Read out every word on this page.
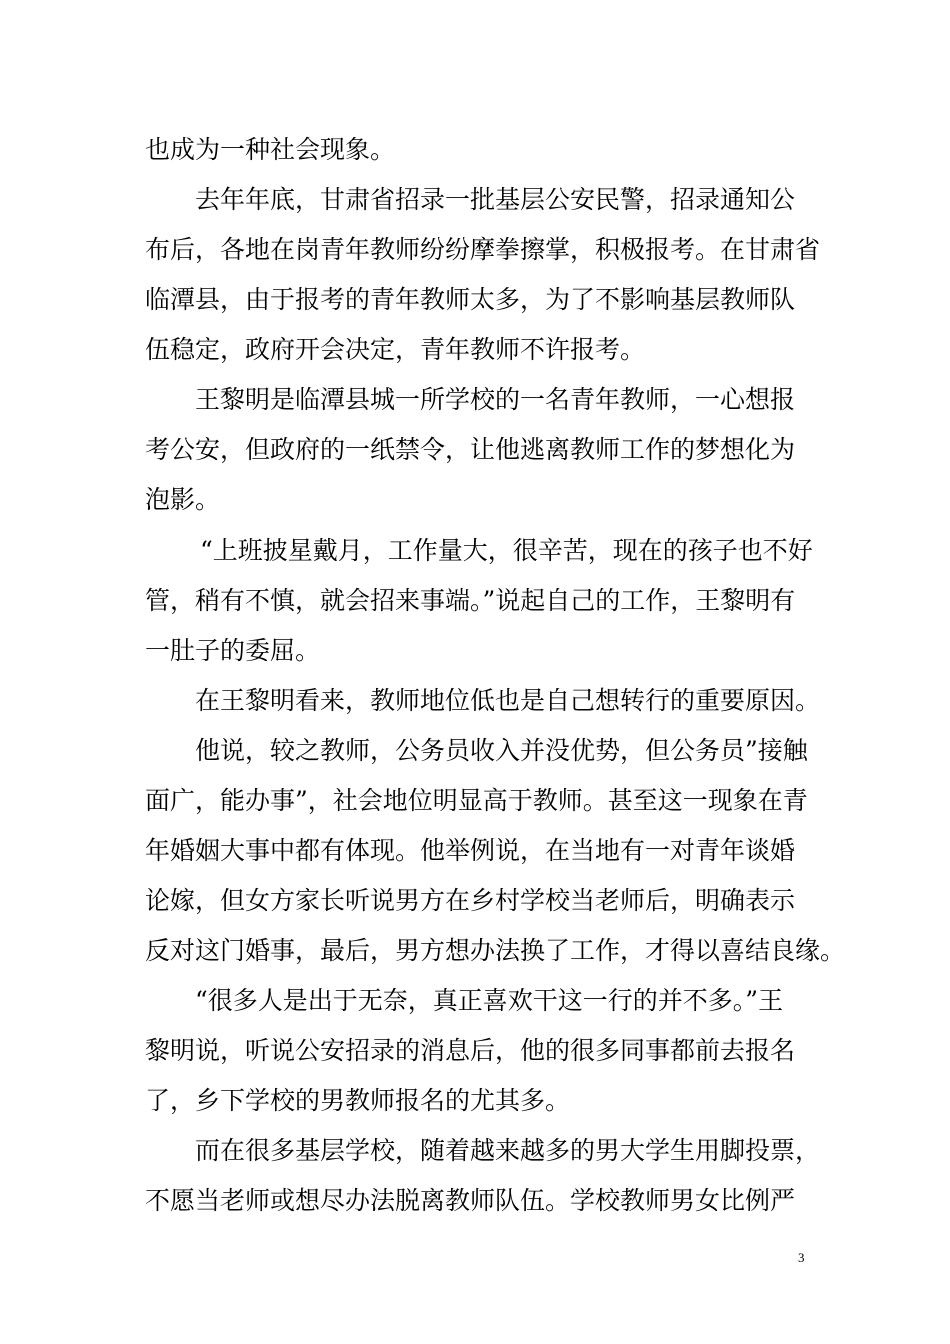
也成为一种社会现象。
去年年底，甘肃省招录一批基层公安民警，招录通知公
布后，各地在岗青年教师纷纷摩拳擦掌，积极报考。在甘肃省
临潭县，由于报考的青年教师太多，为了不影响基层教师队
伍稳定，政府开会决定，青年教师不许报考。
王黎明是临潭县城一所学校的一名青年教师，一心想报
考公安，但政府的一纸禁令，让他逃离教师工作的梦想化为
泡影。
“上班披星戴月，工作量大，很辛苦，现在的孩子也不好
管，稍有不慎，就会招来事端。”说起自己的工作，王黎明有
一肚子的委屈。
在王黎明看来，教师地位低也是自己想转行的重要原因。
他说，较之教师，公务员收入并没优势，但公务员”接触
面广，能办事”，社会地位明显高于教师。甚至这一现象在青
年婚姻大事中都有体现。他举例说，在当地有一对青年谈婚
论嫁，但女方家长听说男方在乡村学校当老师后，明确表示
反对这门婚事，最后，男方想办法换了工作，才得以喜结良缘。
“很多人是出于无奈，真正喜欢干这一行的并不多。”王
黎明说，听说公安招录的消息后，他的很多同事都前去报名
了，乡下学校的男教师报名的尤其多。
而在很多基层学校，随着越来越多的男大学生用脚投票，
不愿当老师或想尽办法脱离教师队伍。学校教师男女比例严
3
